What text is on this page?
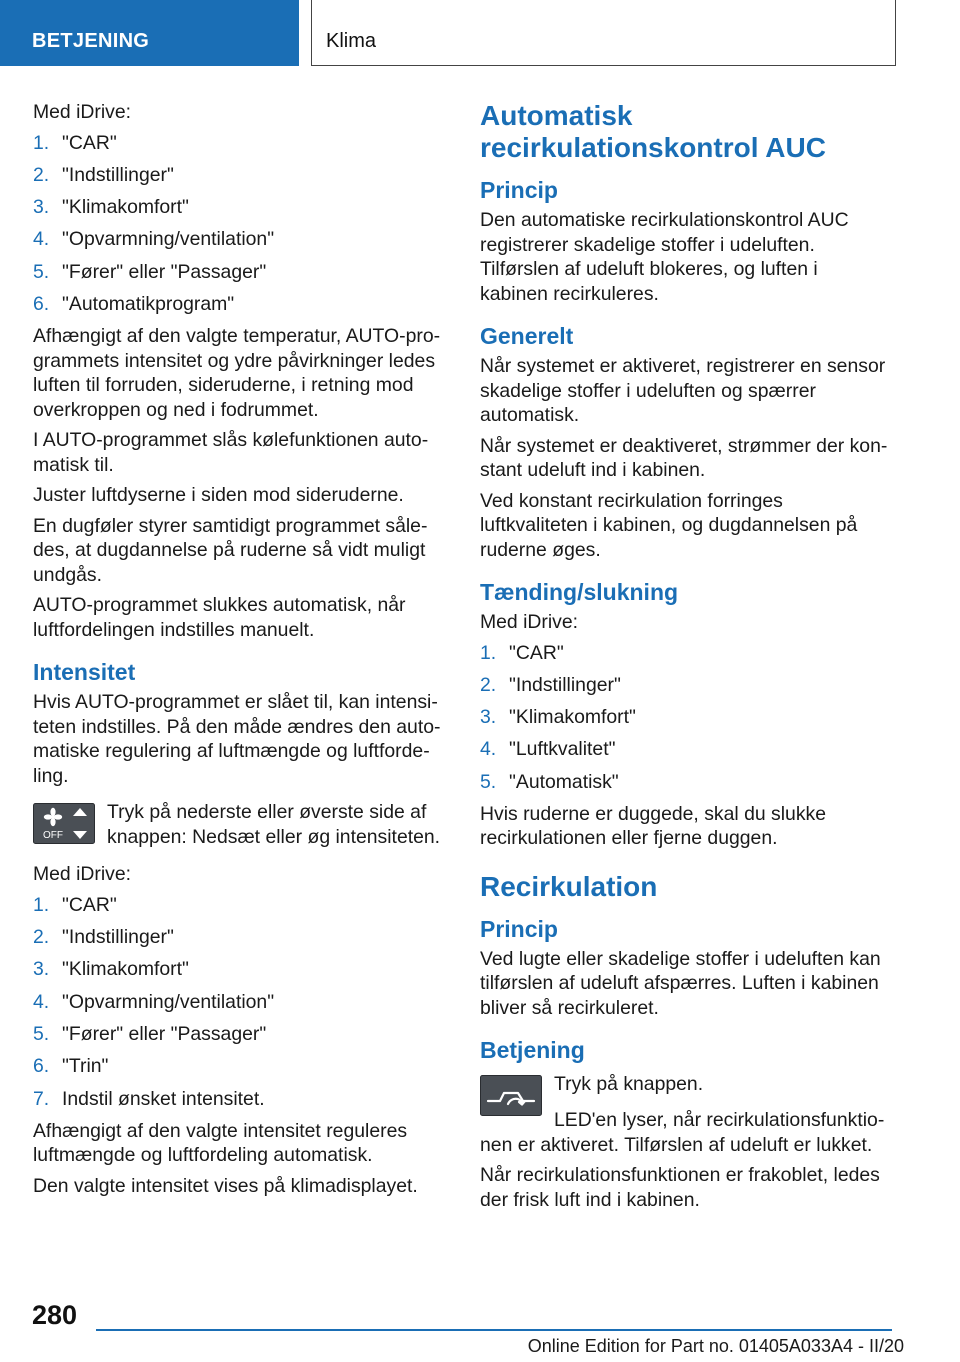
BETJENING	Klima

Med iDrive:

1. "CAR"
2. "Indstillinger"
3. "Klimakomfort"
4. "Opvarmning/ventilation"
5. "Fører" eller "Passager"
6. "Automatikprogram"

Afhængigt af den valgte temperatur, AUTO-programmets intensitet og ydre påvirkninger ledes luften til forruden, sideruderne, i retning mod overkroppen og ned i fodrummet.

I AUTO-programmet slås kølefunktionen automatisk til.

Juster luftdyserne i siden mod sideruderne.

En dugføler styrer samtidigt programmet således, at dugdannelse på ruderne så vidt muligt undgås.

AUTO-programmet slukkes automatisk, når luftfordelingen indstilles manuelt.

Intensitet

Hvis AUTO-programmet er slået til, kan intensiteten indstilles. På den måde ændres den automatiske regulering af luftmængde og luftfordeling.

OFF

Tryk på nederste eller øverste side af knappen: Nedsæt eller øg intensiteten.

Med iDrive:

1. "CAR"
2. "Indstillinger"
3. "Klimakomfort"
4. "Opvarmning/ventilation"
5. "Fører" eller "Passager"
6. "Trin"
7. Indstil ønsket intensitet.

Afhængigt af den valgte intensitet reguleres luftmængde og luftfordeling automatisk.

Den valgte intensitet vises på klimadisplayet.

Automatisk recirkulationskontrol AUC
Princip

Den automatiske recirkulationskontrol AUC registrerer skadelige stoffer i udeluften. Tilførslen af udeluft blokeres, og luften i kabinen recirkuleres.

Generelt

Når systemet er aktiveret, registrerer en sensor skadelige stoffer i udeluften og spærrer automatisk.

Når systemet er deaktiveret, strømmer der konstant udeluft ind i kabinen.

Ved konstant recirkulation forringes luftkvaliteten i kabinen, og dugdannelsen på ruderne øges.

Tænding/slukning

Med iDrive:

1. "CAR"
2. "Indstillinger"
3. "Klimakomfort"
4. "Luftkvalitet"
5. "Automatisk"

Hvis ruderne er duggede, skal du slukke recirkulationen eller fjerne duggen.

Recirkulation
Princip

Ved lugte eller skadelige stoffer i udeluften kan tilførslen af udeluft afspærres. Luften i kabinen bliver så recirkuleret.

Betjening

Tryk på knappen.

LED'en lyser, når recirkulationsfunktionen er aktiveret. Tilførslen af udeluft er lukket.

Når recirkulationsfunktionen er frakoblet, ledes der frisk luft ind i kabinen.

280
Online Edition for Part no. 01405A033A4 - II/20
